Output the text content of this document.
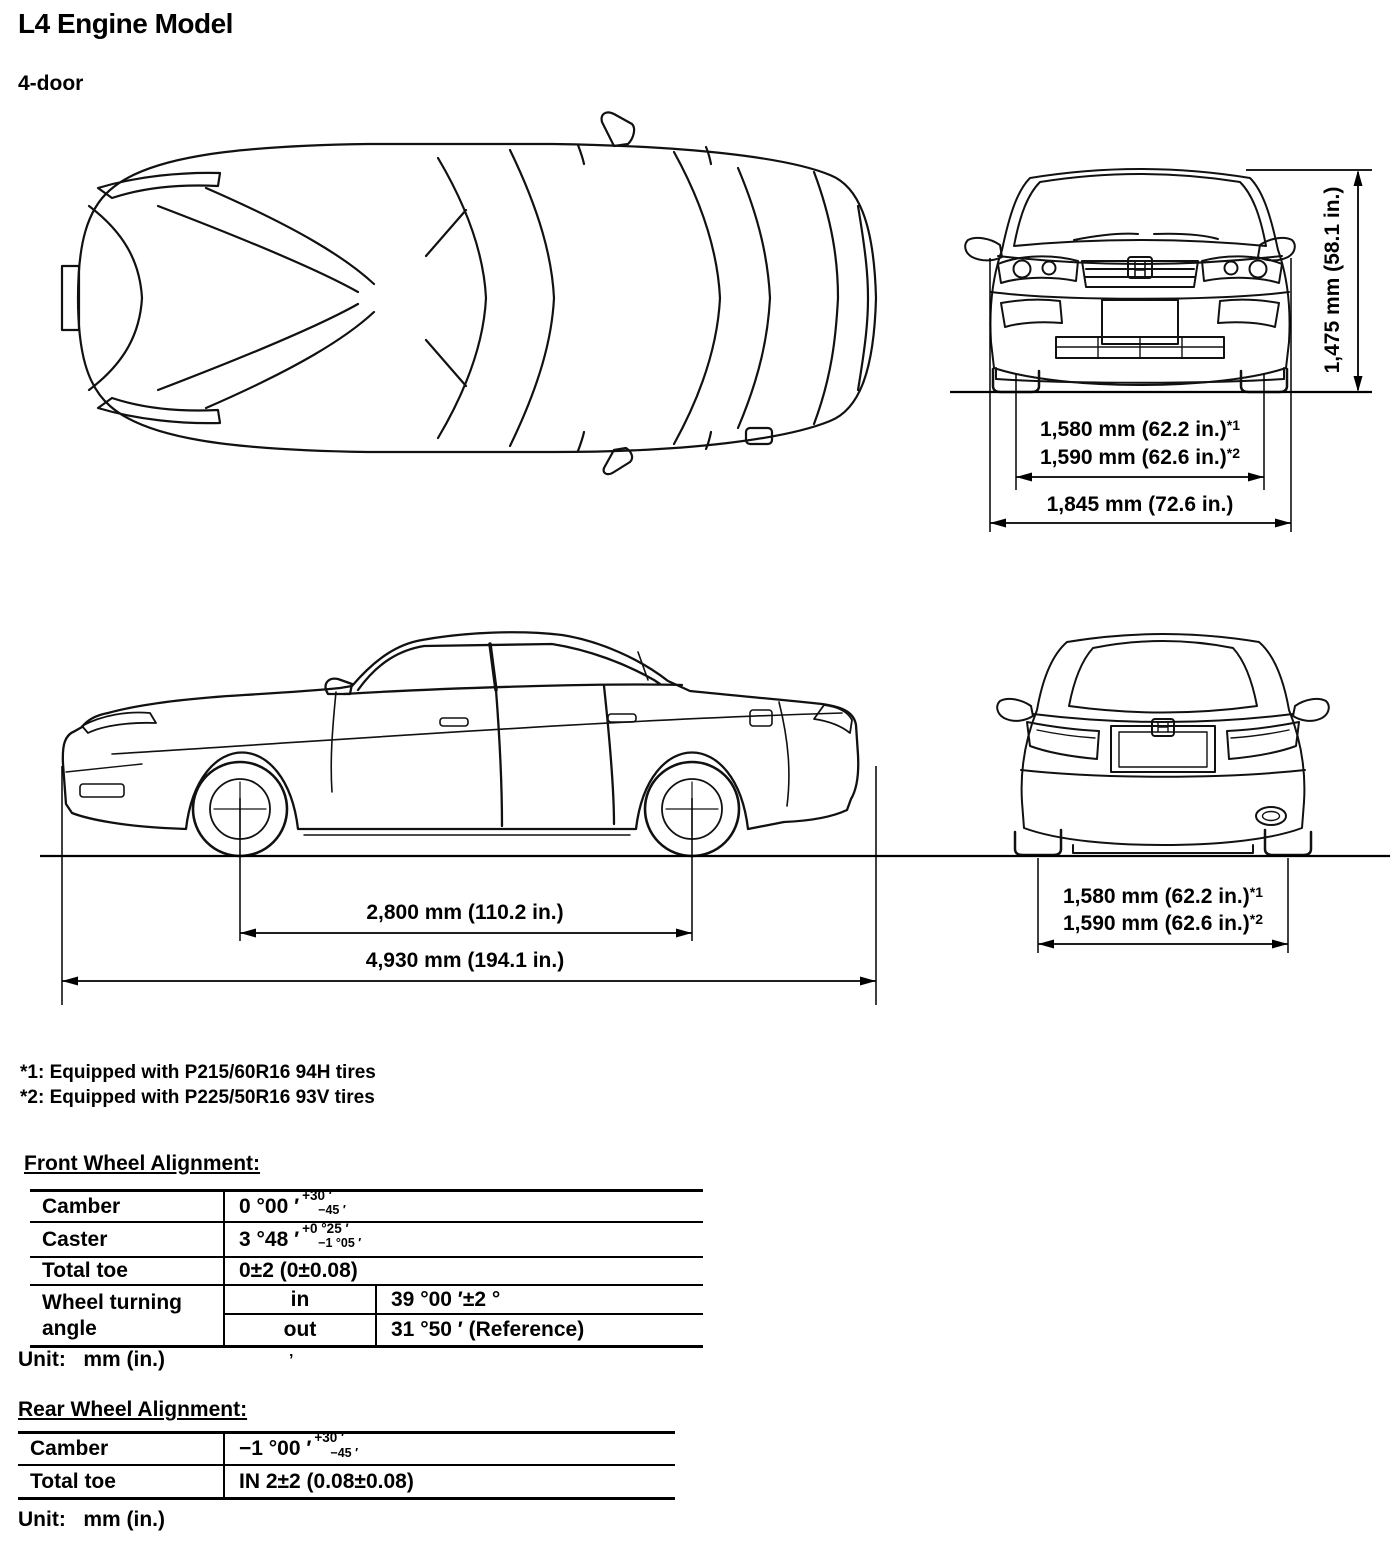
L4 Engine Model
4-door
1,475 mm (58.1 in.)
1,580 mm (62.2 in.)$^{*1}$
1,590 mm (62.6 in.)$^{*2}$
1,845 mm (72.6 in.)
2,800 mm (110.2 in.)
4,930 mm (194.1 in.)
1,580 mm (62.2 in.)$^{*1}$
1,590 mm (62.6 in.)$^{*2}$
*1: Equipped with P215/60R16 94H tires
*2: Equipped with P225/50R16 93V tires
Front Wheel Alignment:
Camber	0 °00 ′ +30 ′
−45 ′
Caster	3 °48 ′ +0 °25 ′
−1 °05 ′
Total toe	0±2 (0±0.08)
Wheel turning
angle
in	39 °00 ′±2 °
out	31 °50 ′ (Reference)
Unit:   mm (in.)	’
Rear Wheel Alignment:
Camber	−1 °00 ′ +30 ′
−45 ′
Total toe	IN 2±2 (0.08±0.08)
Unit:   mm (in.)
